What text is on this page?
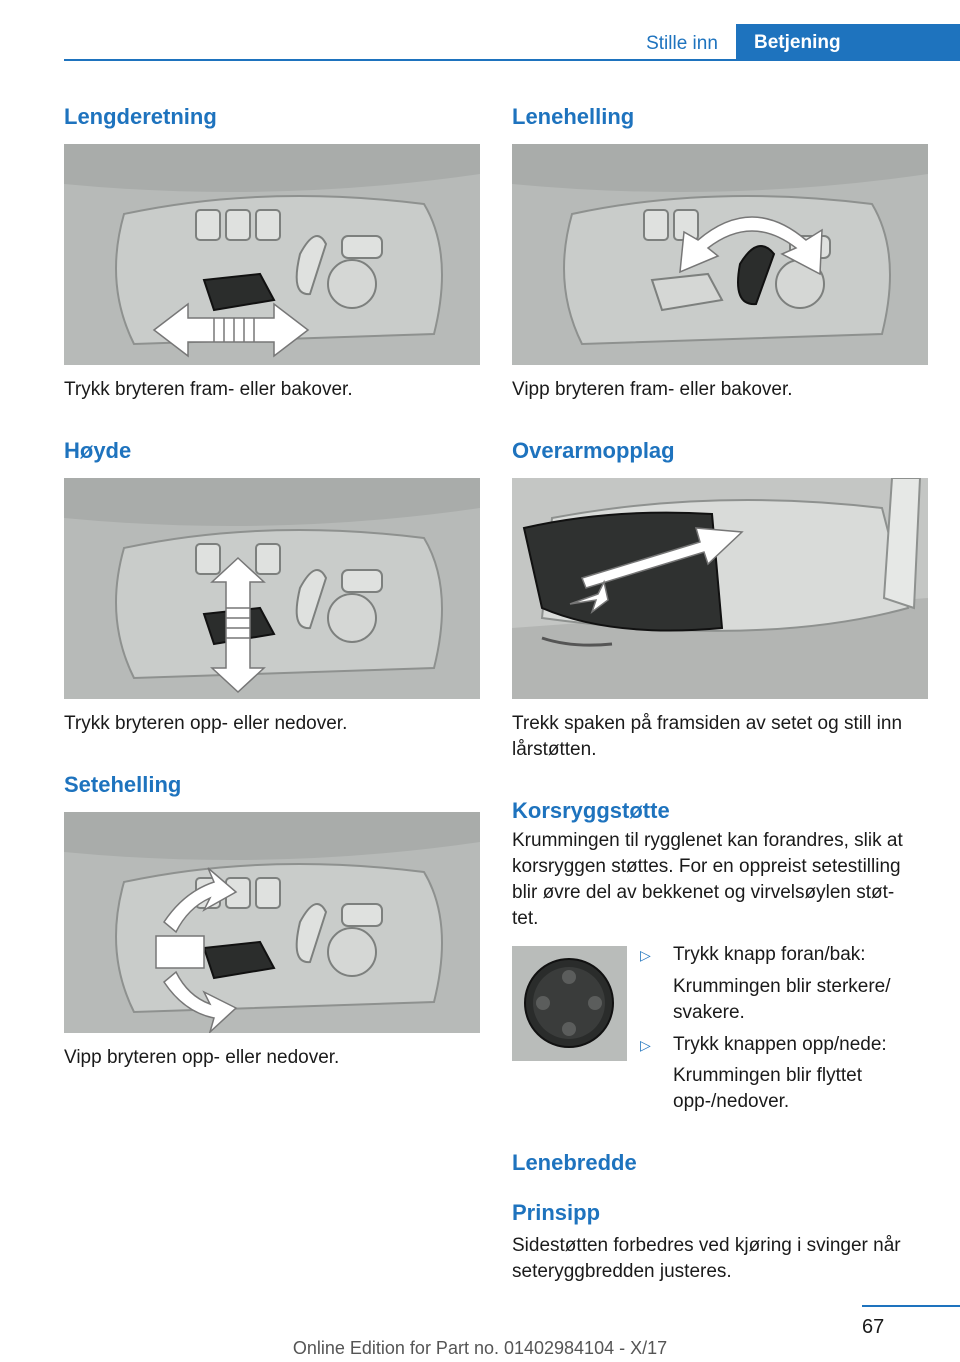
Stille inn	Betjening
Lengderetning

Trykk bryteren fram- eller bakover.

Høyde

Trykk bryteren opp- eller nedover.

Setehelling

Vipp bryteren opp- eller nedover.

Lenehelling

Vipp bryteren fram- eller bakover.

Overarmopplag

Trekk spaken på framsiden av setet og still inn

lårstøtten.

Korsryggstøtte

Krummingen til rygglenet kan forandres, slik at

korsryggen støttes. For en oppreist setestilling

blir øvre del av bekkenet og virvelsøylen støt-

tet.

▷ Trykk knapp foran/bak:

Krummingen blir sterkere/

svakere.

▷ Trykk knappen opp/nede:

Krummingen blir flyttet

opp-/nedover.

Lenebredde
Prinsipp

Sidestøtten forbedres ved kjøring i svinger når

seteryggbredden justeres.

67
Online Edition for Part no. 01402984104 - X/17
